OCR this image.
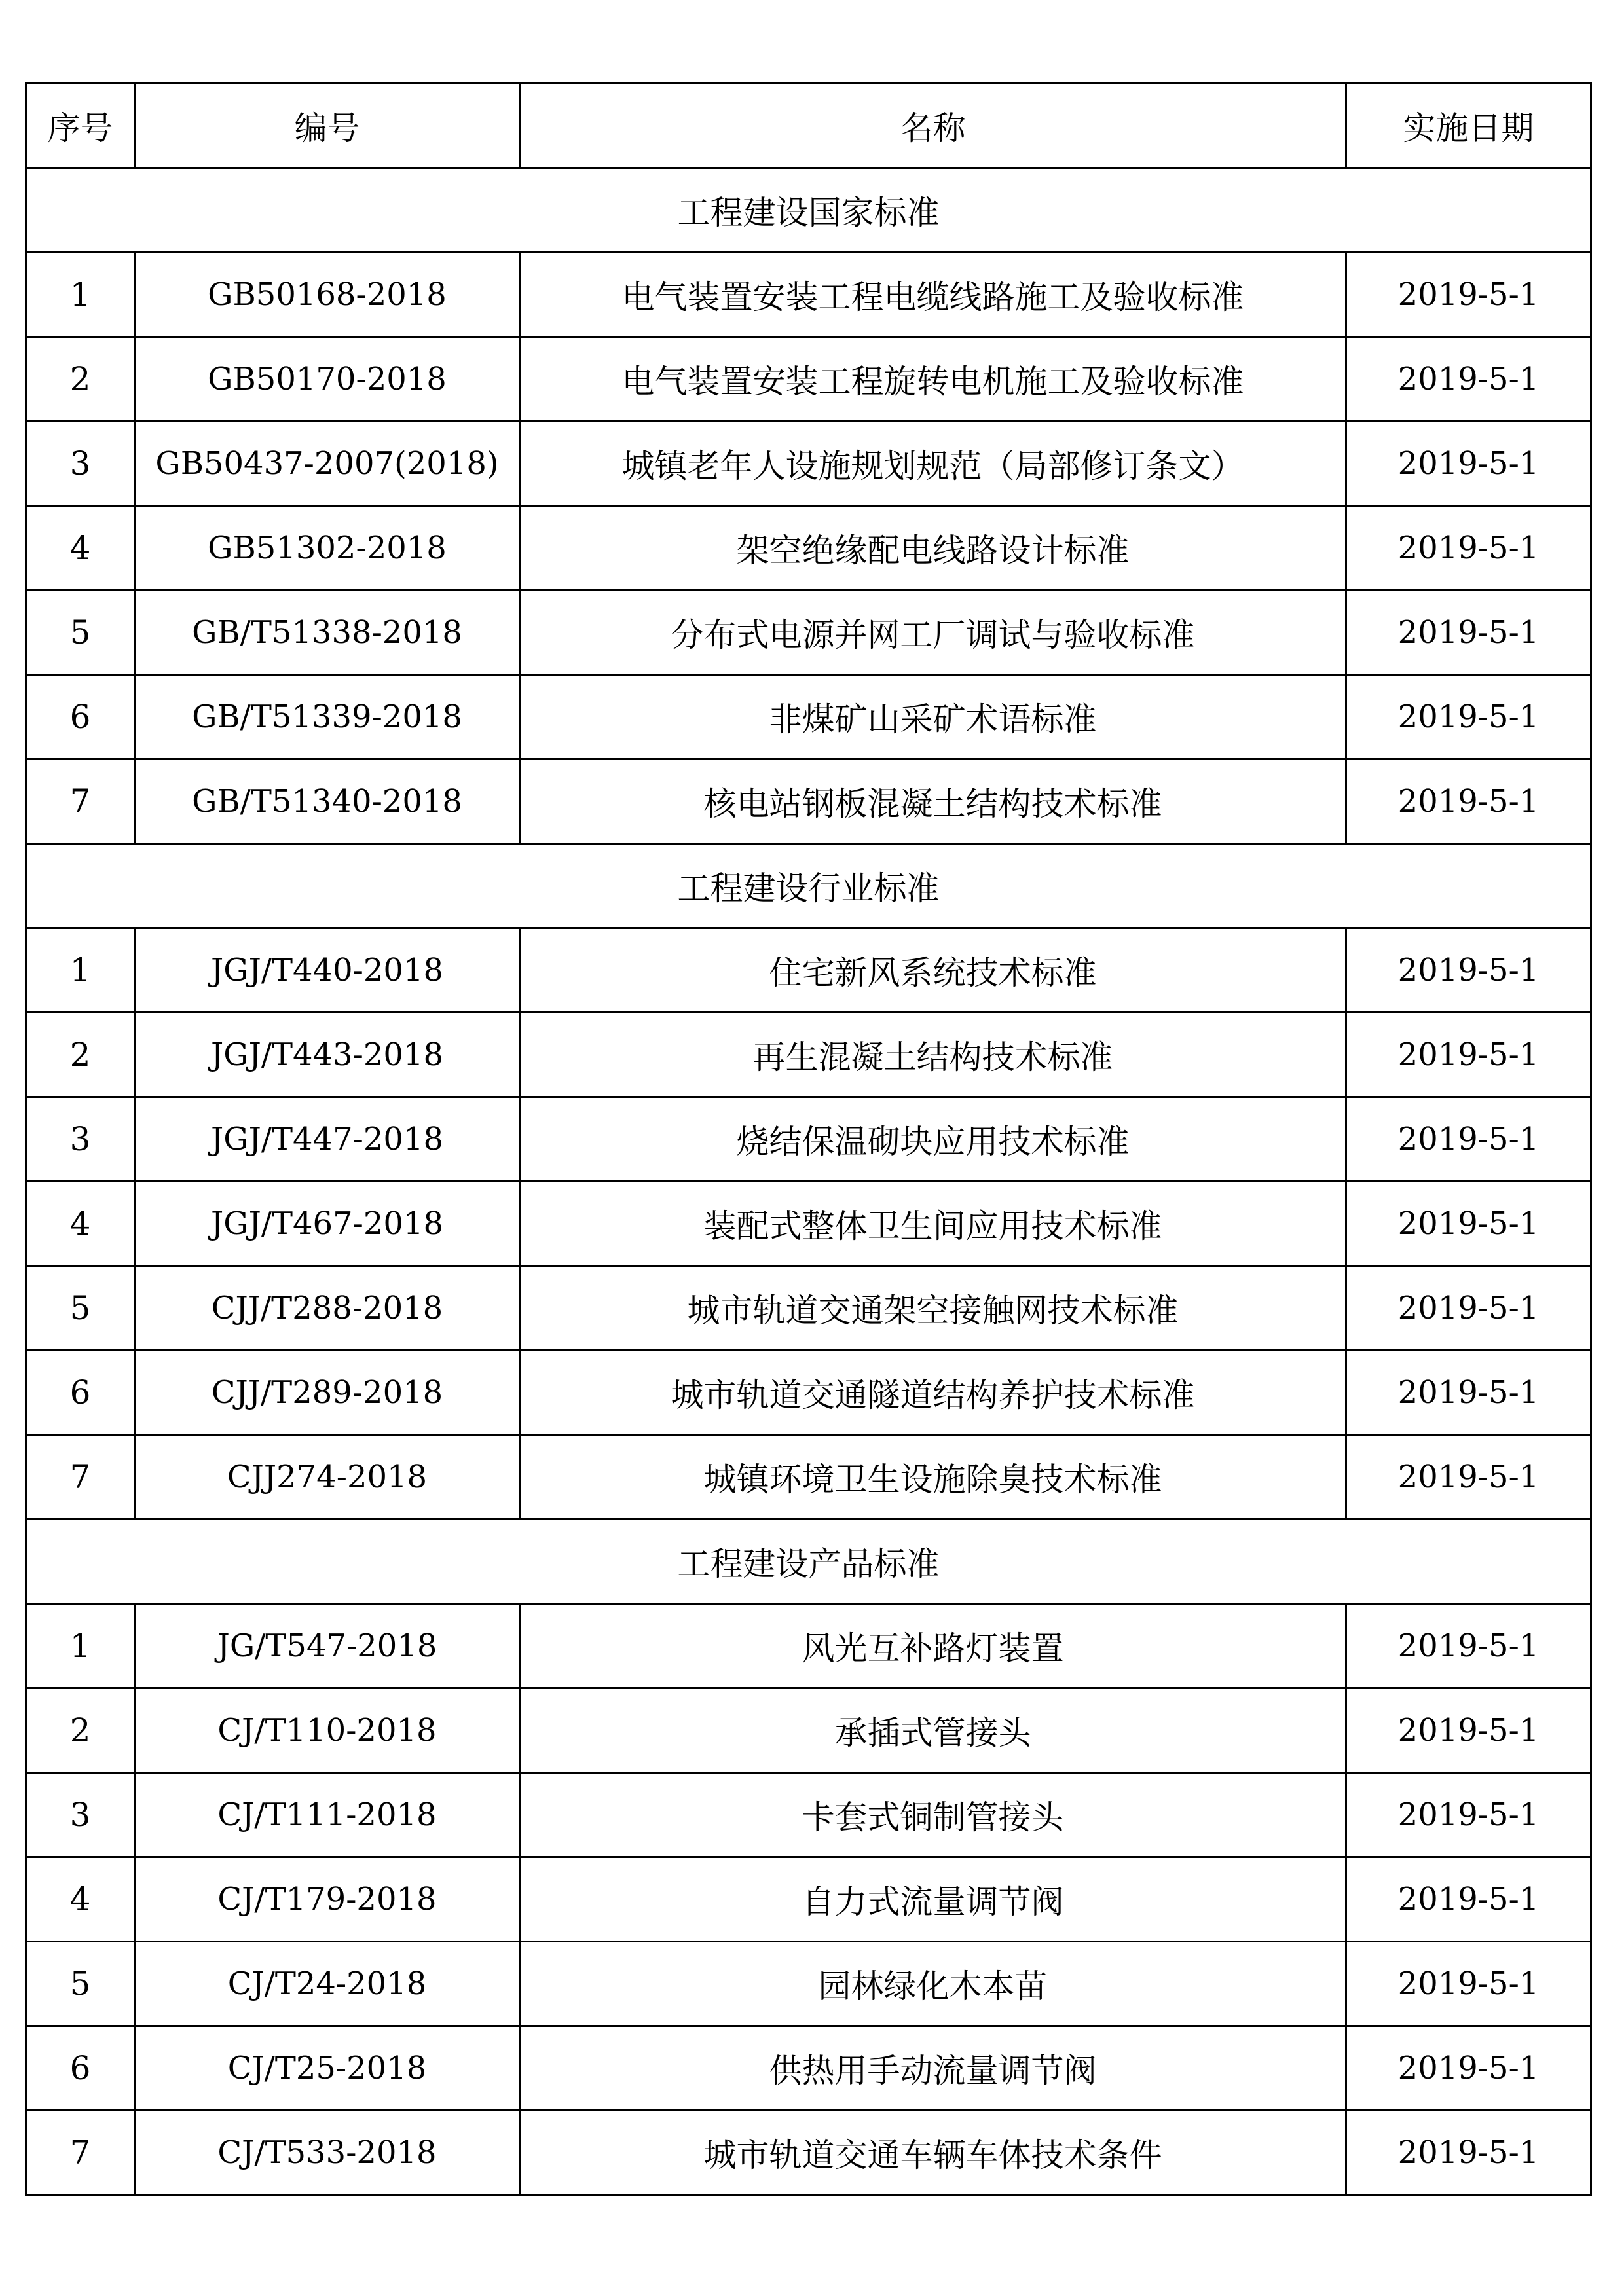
序号	编号	名称	实施日期
工程建设国家标准			
1	GB50168-2018	电气装置安装工程电缆线路施工及验收标准	2019-5-1
2	GB50170-2018	电气装置安装工程旋转电机施工及验收标准	2019-5-1
3	GB50437-2007(2018)	城镇老年人设施规划规范（局部修订条文）	2019-5-1
4	GB51302-2018	架空绝缘配电线路设计标准	2019-5-1
5	GB/T51338-2018	分布式电源并网工厂调试与验收标准	2019-5-1
6	GB/T51339-2018	非煤矿山采矿术语标准	2019-5-1
7	GB/T51340-2018	核电站钢板混凝土结构技术标准	2019-5-1
工程建设行业标准			
1	JGJ/T440-2018	住宅新风系统技术标准	2019-5-1
2	JGJ/T443-2018	再生混凝土结构技术标准	2019-5-1
3	JGJ/T447-2018	烧结保温砌块应用技术标准	2019-5-1
4	JGJ/T467-2018	装配式整体卫生间应用技术标准	2019-5-1
5	CJJ/T288-2018	城市轨道交通架空接触网技术标准	2019-5-1
6	CJJ/T289-2018	城市轨道交通隧道结构养护技术标准	2019-5-1
7	CJJ274-2018	城镇环境卫生设施除臭技术标准	2019-5-1
工程建设产品标准			
1	JG/T547-2018	风光互补路灯装置	2019-5-1
2	CJ/T110-2018	承插式管接头	2019-5-1
3	CJ/T111-2018	卡套式铜制管接头	2019-5-1
4	CJ/T179-2018	自力式流量调节阀	2019-5-1
5	CJ/T24-2018	园林绿化木本苗	2019-5-1
6	CJ/T25-2018	供热用手动流量调节阀	2019-5-1
7	CJ/T533-2018	城市轨道交通车辆车体技术条件	2019-5-1
